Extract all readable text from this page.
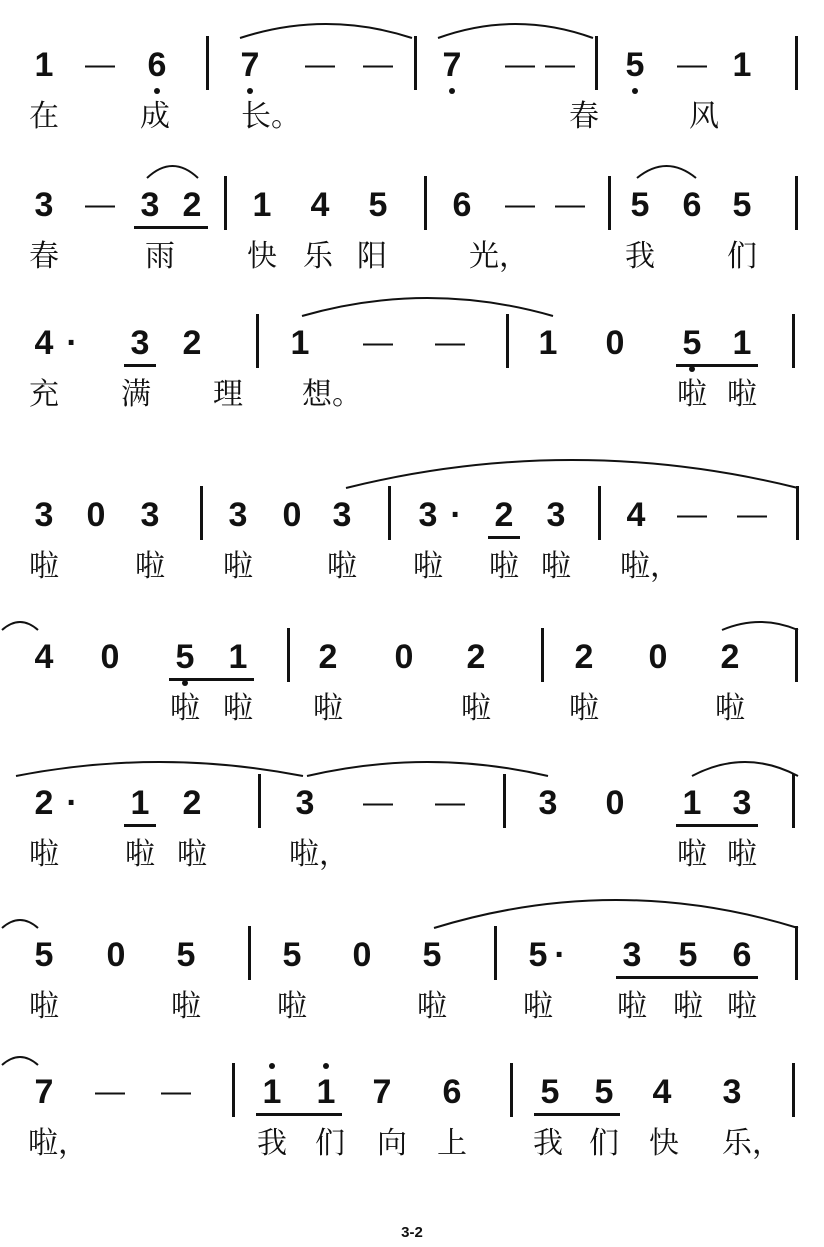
1	— 6	7	— —	7	— —	5	— 1
在	成 长。	春	风
3	— 3 2	1	4	5	6	— —	5 6 5
春	雨 快 乐 阳	光，	我 们
4 ·	3 2	1	— —	1	0	5 1
充 满 理 想。	啦 啦
3 0	3	3	0 3	3 · 2 3	4	— —
啦	啦 啦 啦 啦 啦 啦 啦，
4	0	5	1	2	0	2	2	0	2
啦 啦 啦	啦	啦	啦
2 ·	1 2	3	— —	3	0	1 3
啦 啦 啦	啦，	啦 啦
5	0	5	5	0	5	5 ·	3	5	6
啦	啦	啦	啦	啦 啦 啦 啦
7	— —	1	1	7	6	5	5	4	3
啦，	我 们 向 上 我 们 快 乐，
3-2
